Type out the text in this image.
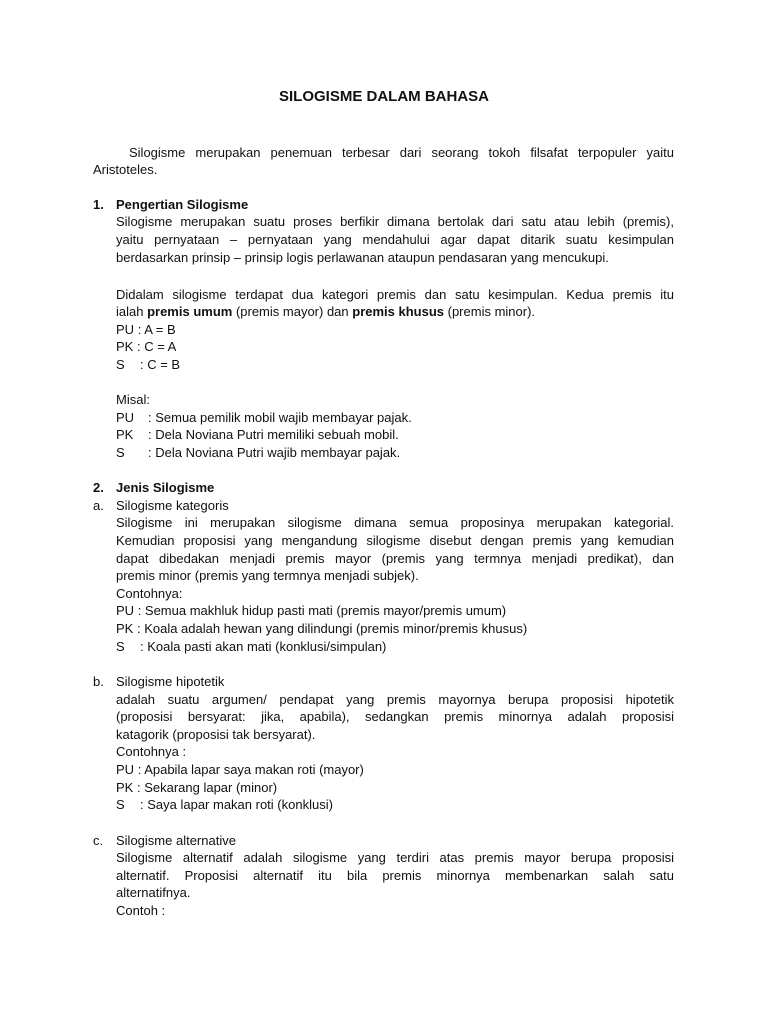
SILOGISME DALAM BAHASA
Silogisme merupakan penemuan terbesar dari seorang tokoh filsafat terpopuler yaitu
Aristoteles.
1. Pengertian Silogisme
Silogisme merupakan suatu proses berfikir dimana bertolak dari satu atau lebih (premis),
yaitu pernyataan – pernyataan yang mendahului agar dapat ditarik suatu kesimpulan
berdasarkan prinsip – prinsip logis perlawanan ataupun pendasaran yang mencukupi.
Didalam silogisme terdapat dua kategori premis dan satu kesimpulan. Kedua premis itu
ialah premis umum (premis mayor) dan premis khusus (premis minor).
PU : A = B
PK : C = A
S : C = B
Misal:
PU : Semua pemilik mobil wajib membayar pajak.
PK : Dela Noviana Putri memiliki sebuah mobil.
S : Dela Noviana Putri wajib membayar pajak.
2. Jenis Silogisme
a. Silogisme kategoris
Silogisme ini merupakan silogisme dimana semua proposinya merupakan kategorial.
Kemudian proposisi yang mengandung silogisme disebut dengan premis yang kemudian
dapat dibedakan menjadi premis mayor (premis yang termnya menjadi predikat), dan
premis minor (premis yang termnya menjadi subjek).
Contohnya:
PU : Semua makhluk hidup pasti mati (premis mayor/premis umum)
PK : Koala adalah hewan yang dilindungi (premis minor/premis khusus)
S : Koala pasti akan mati (konklusi/simpulan)
b. Silogisme hipotetik
adalah suatu argumen/ pendapat yang premis mayornya berupa proposisi hipotetik
(proposisi bersyarat: jika, apabila), sedangkan premis minornya adalah proposisi
katagorik (proposisi tak bersyarat).
Contohnya :
PU : Apabila lapar saya makan roti (mayor)
PK : Sekarang lapar (minor)
S : Saya lapar makan roti (konklusi)
c. Silogisme alternative
Silogisme alternatif adalah silogisme yang terdiri atas premis mayor berupa proposisi
alternatif. Proposisi alternatif itu bila premis minornya membenarkan salah satu
alternatifnya.
Contoh :
